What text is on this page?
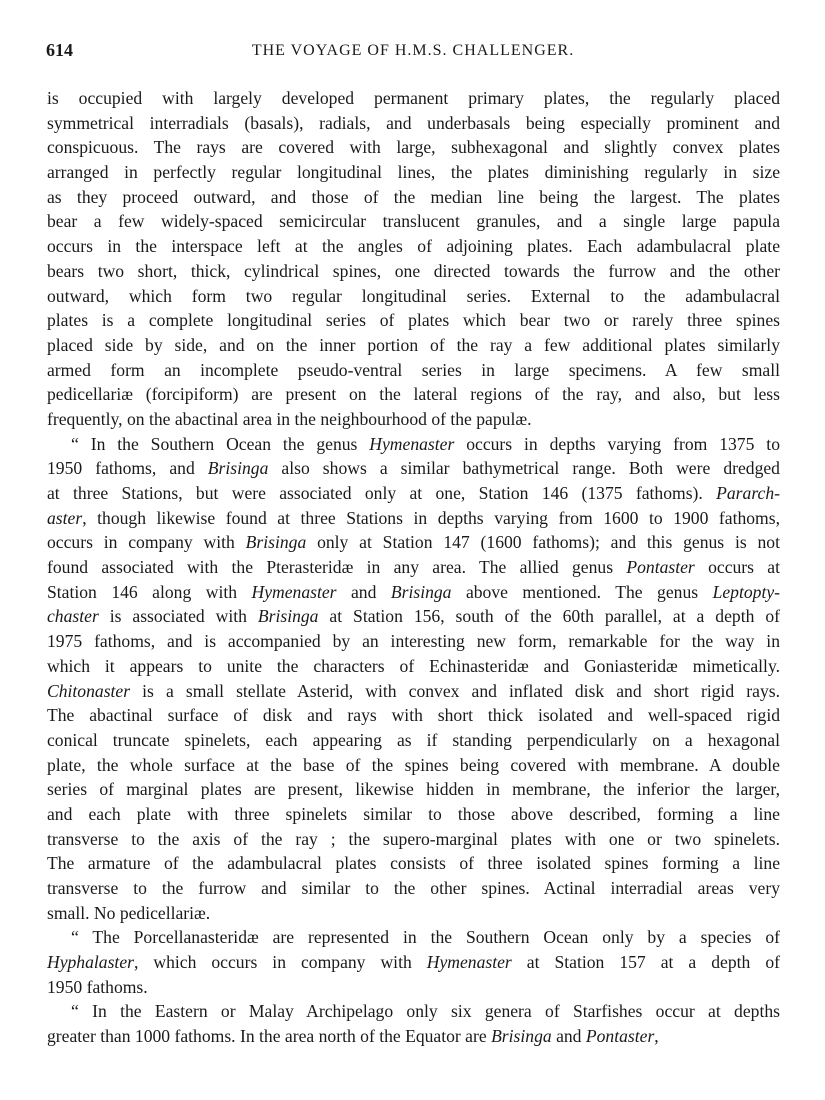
614	THE VOYAGE OF H.M.S. CHALLENGER.
is occupied with largely developed permanent primary plates, the regularly placed
symmetrical interradials (basals), radials, and underbasals being especially prominent and
conspicuous. The rays are covered with large, subhexagonal and slightly convex plates
arranged in perfectly regular longitudinal lines, the plates diminishing regularly in size
as they proceed outward, and those of the median line being the largest. The plates
bear a few widely-spaced semicircular translucent granules, and a single large papula
occurs in the interspace left at the angles of adjoining plates. Each adambulacral plate
bears two short, thick, cylindrical spines, one directed towards the furrow and the other
outward, which form two regular longitudinal series. External to the adambulacral
plates is a complete longitudinal series of plates which bear two or rarely three spines
placed side by side, and on the inner portion of the ray a few additional plates similarly
armed form an incomplete pseudo-ventral series in large specimens. A few small
pedicellariæ (forcipiform) are present on the lateral regions of the ray, and also, but less
frequently, on the abactinal area in the neighbourhood of the papulæ.
“ In the Southern Ocean the genus Hymenaster occurs in depths varying from 1375 to
1950 fathoms, and Brisinga also shows a similar bathymetrical range. Both were dredged
at three Stations, but were associated only at one, Station 146 (1375 fathoms). Pararch-
aster, though likewise found at three Stations in depths varying from 1600 to 1900 fathoms,
occurs in company with Brisinga only at Station 147 (1600 fathoms); and this genus is not
found associated with the Pterasteridæ in any area. The allied genus Pontaster occurs at
Station 146 along with Hymenaster and Brisinga above mentioned. The genus Leptopty-
chaster is associated with Brisinga at Station 156, south of the 60th parallel, at a depth of
1975 fathoms, and is accompanied by an interesting new form, remarkable for the way in
which it appears to unite the characters of Echinasteridæ and Goniasteridæ mimetically.
Chitonaster is a small stellate Asterid, with convex and inflated disk and short rigid rays.
The abactinal surface of disk and rays with short thick isolated and well-spaced rigid
conical truncate spinelets, each appearing as if standing perpendicularly on a hexagonal
plate, the whole surface at the base of the spines being covered with membrane. A double
series of marginal plates are present, likewise hidden in membrane, the inferior the larger,
and each plate with three spinelets similar to those above described, forming a line
transverse to the axis of the ray ; the supero-marginal plates with one or two spinelets.
The armature of the adambulacral plates consists of three isolated spines forming a line
transverse to the furrow and similar to the other spines. Actinal interradial areas very
small. No pedicellariæ.
“ The Porcellanasteridæ are represented in the Southern Ocean only by a species of
Hyphalaster, which occurs in company with Hymenaster at Station 157 at a depth of
1950 fathoms.
“ In the Eastern or Malay Archipelago only six genera of Starfishes occur at depths
greater than 1000 fathoms. In the area north of the Equator are Brisinga and Pontaster,
